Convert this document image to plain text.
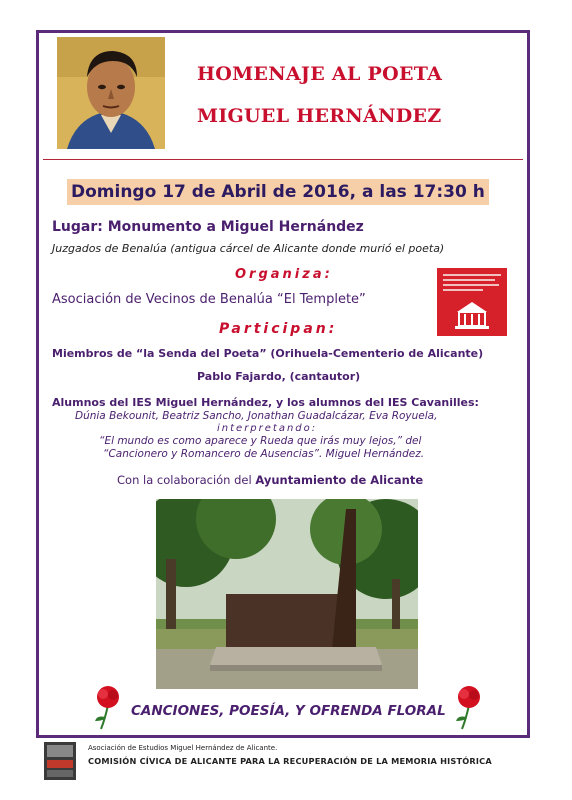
HOMENAJE AL POETA
MIGUEL HERNÁNDEZ
Domingo 17 de Abril de 2016, a las 17:30 h
Lugar: Monumento a Miguel Hernández
Juzgados de Benalúa (antigua cárcel de Alicante donde murió el poeta)
Organiza:
Asociación de Vecinos de Benalúa “El Templete”
Participan:
Miembros de “la Senda del Poeta” (Orihuela-Cementerio de Alicante)
Pablo Fajardo, (cantautor)
Alumnos del IES Miguel Hernández, y los alumnos del IES Cavanilles:
Dúnia Bekounit, Beatriz Sancho, Jonathan Guadalcázar, Eva Royuela,
interpretando:
“El mundo es como aparece y Rueda que irás muy lejos,” del
“Cancionero y Romancero de Ausencias”. Miguel Hernández.
Con la colaboración del Ayuntamiento de Alicante
CANCIONES, POESÍA, Y OFRENDA FLORAL
Asociación de Estudios Miguel Hernández de Alicante.
COMISIÓN CÍVICA DE ALICANTE PARA LA RECUPERACIÓN DE LA MEMORIA HISTÓRICA
